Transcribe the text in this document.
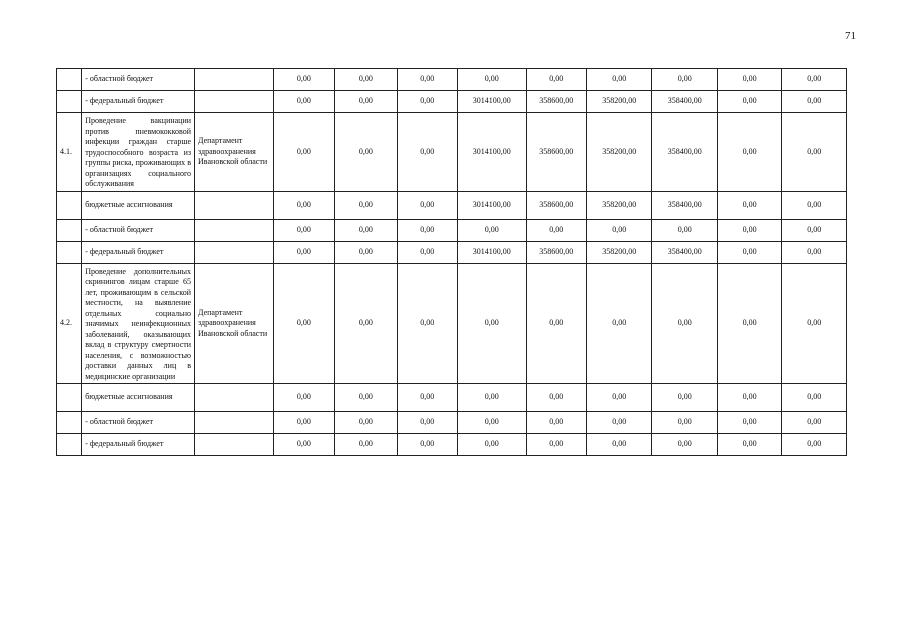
71
	- областной бюджет		0,00	0,00	0,00	0,00	0,00	0,00	0,00	0,00	0,00
	- федеральный бюджет		0,00	0,00	0,00	3014100,00	358600,00	358200,00	358400,00	0,00	0,00
4.1.	Проведение вакцинации против пневмококковой инфекции граждан старше трудоспособного возраста из группы риска, проживающих в организациях социального обслуживания	Департамент здравоохранения Ивановской области	0,00	0,00	0,00	3014100,00	358600,00	358200,00	358400,00	0,00	0,00
	бюджетные ассигнования		0,00	0,00	0,00	3014100,00	358600,00	358200,00	358400,00	0,00	0,00
	- областной бюджет		0,00	0,00	0,00	0,00	0,00	0,00	0,00	0,00	0,00
	- федеральный бюджет		0,00	0,00	0,00	3014100,00	358600,00	358200,00	358400,00	0,00	0,00
4.2.	Проведение дополнительных скринингов лицам старше 65 лет, проживающим в сельской местности, на выявление отдельных социально значимых неинфекционных заболеваний, оказывающих вклад в структуру смертности населения, с возможностью доставки данных лиц в медицинские организации	Департамент здравоохранения Ивановской области	0,00	0,00	0,00	0,00	0,00	0,00	0,00	0,00	0,00
	бюджетные ассигнования		0,00	0,00	0,00	0,00	0,00	0,00	0,00	0,00	0,00
	- областной бюджет		0,00	0,00	0,00	0,00	0,00	0,00	0,00	0,00	0,00
	- федеральный бюджет		0,00	0,00	0,00	0,00	0,00	0,00	0,00	0,00	0,00
